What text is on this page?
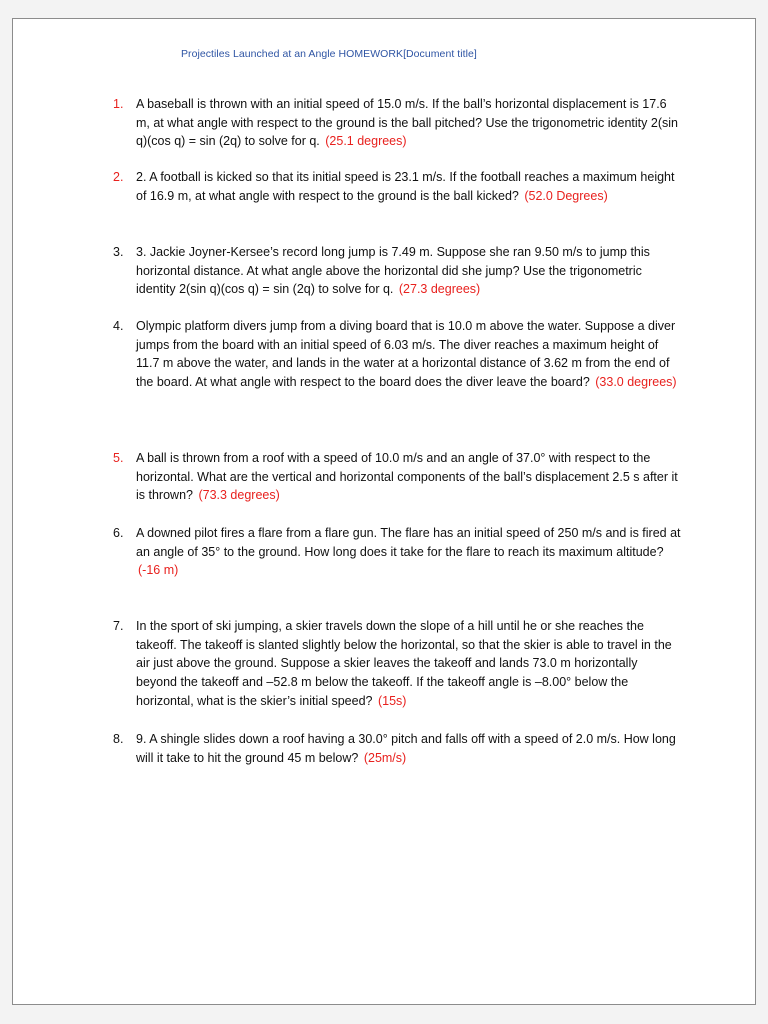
Projectiles Launched at an Angle HOMEWORK[Document title]
1.	A baseball is thrown with an initial speed of 15.0 m/s. If the ball’s horizontal displacement is 17.6 m, at what angle with respect to the ground is the ball pitched? Use the trigonometric identity 2(sin q)(cos q) = sin (2q) to solve for q. (25.1 degrees)
2.	2. A football is kicked so that its initial speed is 23.1 m/s. If the football reaches a maximum height of 16.9 m, at what angle with respect to the ground is the ball kicked? (52.0 Degrees)
3.	3. Jackie Joyner-Kersee’s record long jump is 7.49 m. Suppose she ran 9.50 m/s to jump this horizontal distance. At what angle above the horizontal did she jump? Use the trigonometric identity 2(sin q)(cos q) = sin (2q) to solve for q. (27.3 degrees)
4.	Olympic platform divers jump from a diving board that is 10.0 m above the water. Suppose a diver jumps from the board with an initial speed of 6.03 m/s. The diver reaches a maximum height of 11.7 m above the water, and lands in the water at a horizontal distance of 3.62 m from the end of the board. At what angle with respect to the board does the diver leave the board? (33.0 degrees)
5.	A ball is thrown from a roof with a speed of 10.0 m/s and an angle of 37.0° with respect to the horizontal. What are the vertical and horizontal components of the ball’s displacement 2.5 s after it is thrown? (73.3 degrees)
6.	A downed pilot fires a flare from a flare gun. The flare has an initial speed of 250 m/s and is fired at an angle of 35° to the ground. How long does it take for the flare to reach its maximum altitude? (-16 m)
7.	In the sport of ski jumping, a skier travels down the slope of a hill until he or she reaches the takeoff. The takeoff is slanted slightly below the horizontal, so that the skier is able to travel in the air just above the ground. Suppose a skier leaves the takeoff and lands 73.0 m horizontally beyond the takeoff and –52.8 m below the takeoff. If the takeoff angle is –8.00° below the horizontal, what is the skier’s initial speed? (15s)
8.	9. A shingle slides down a roof having a 30.0° pitch and falls off with a speed of 2.0 m/s. How long will it take to hit the ground 45 m below? (25m/s)
